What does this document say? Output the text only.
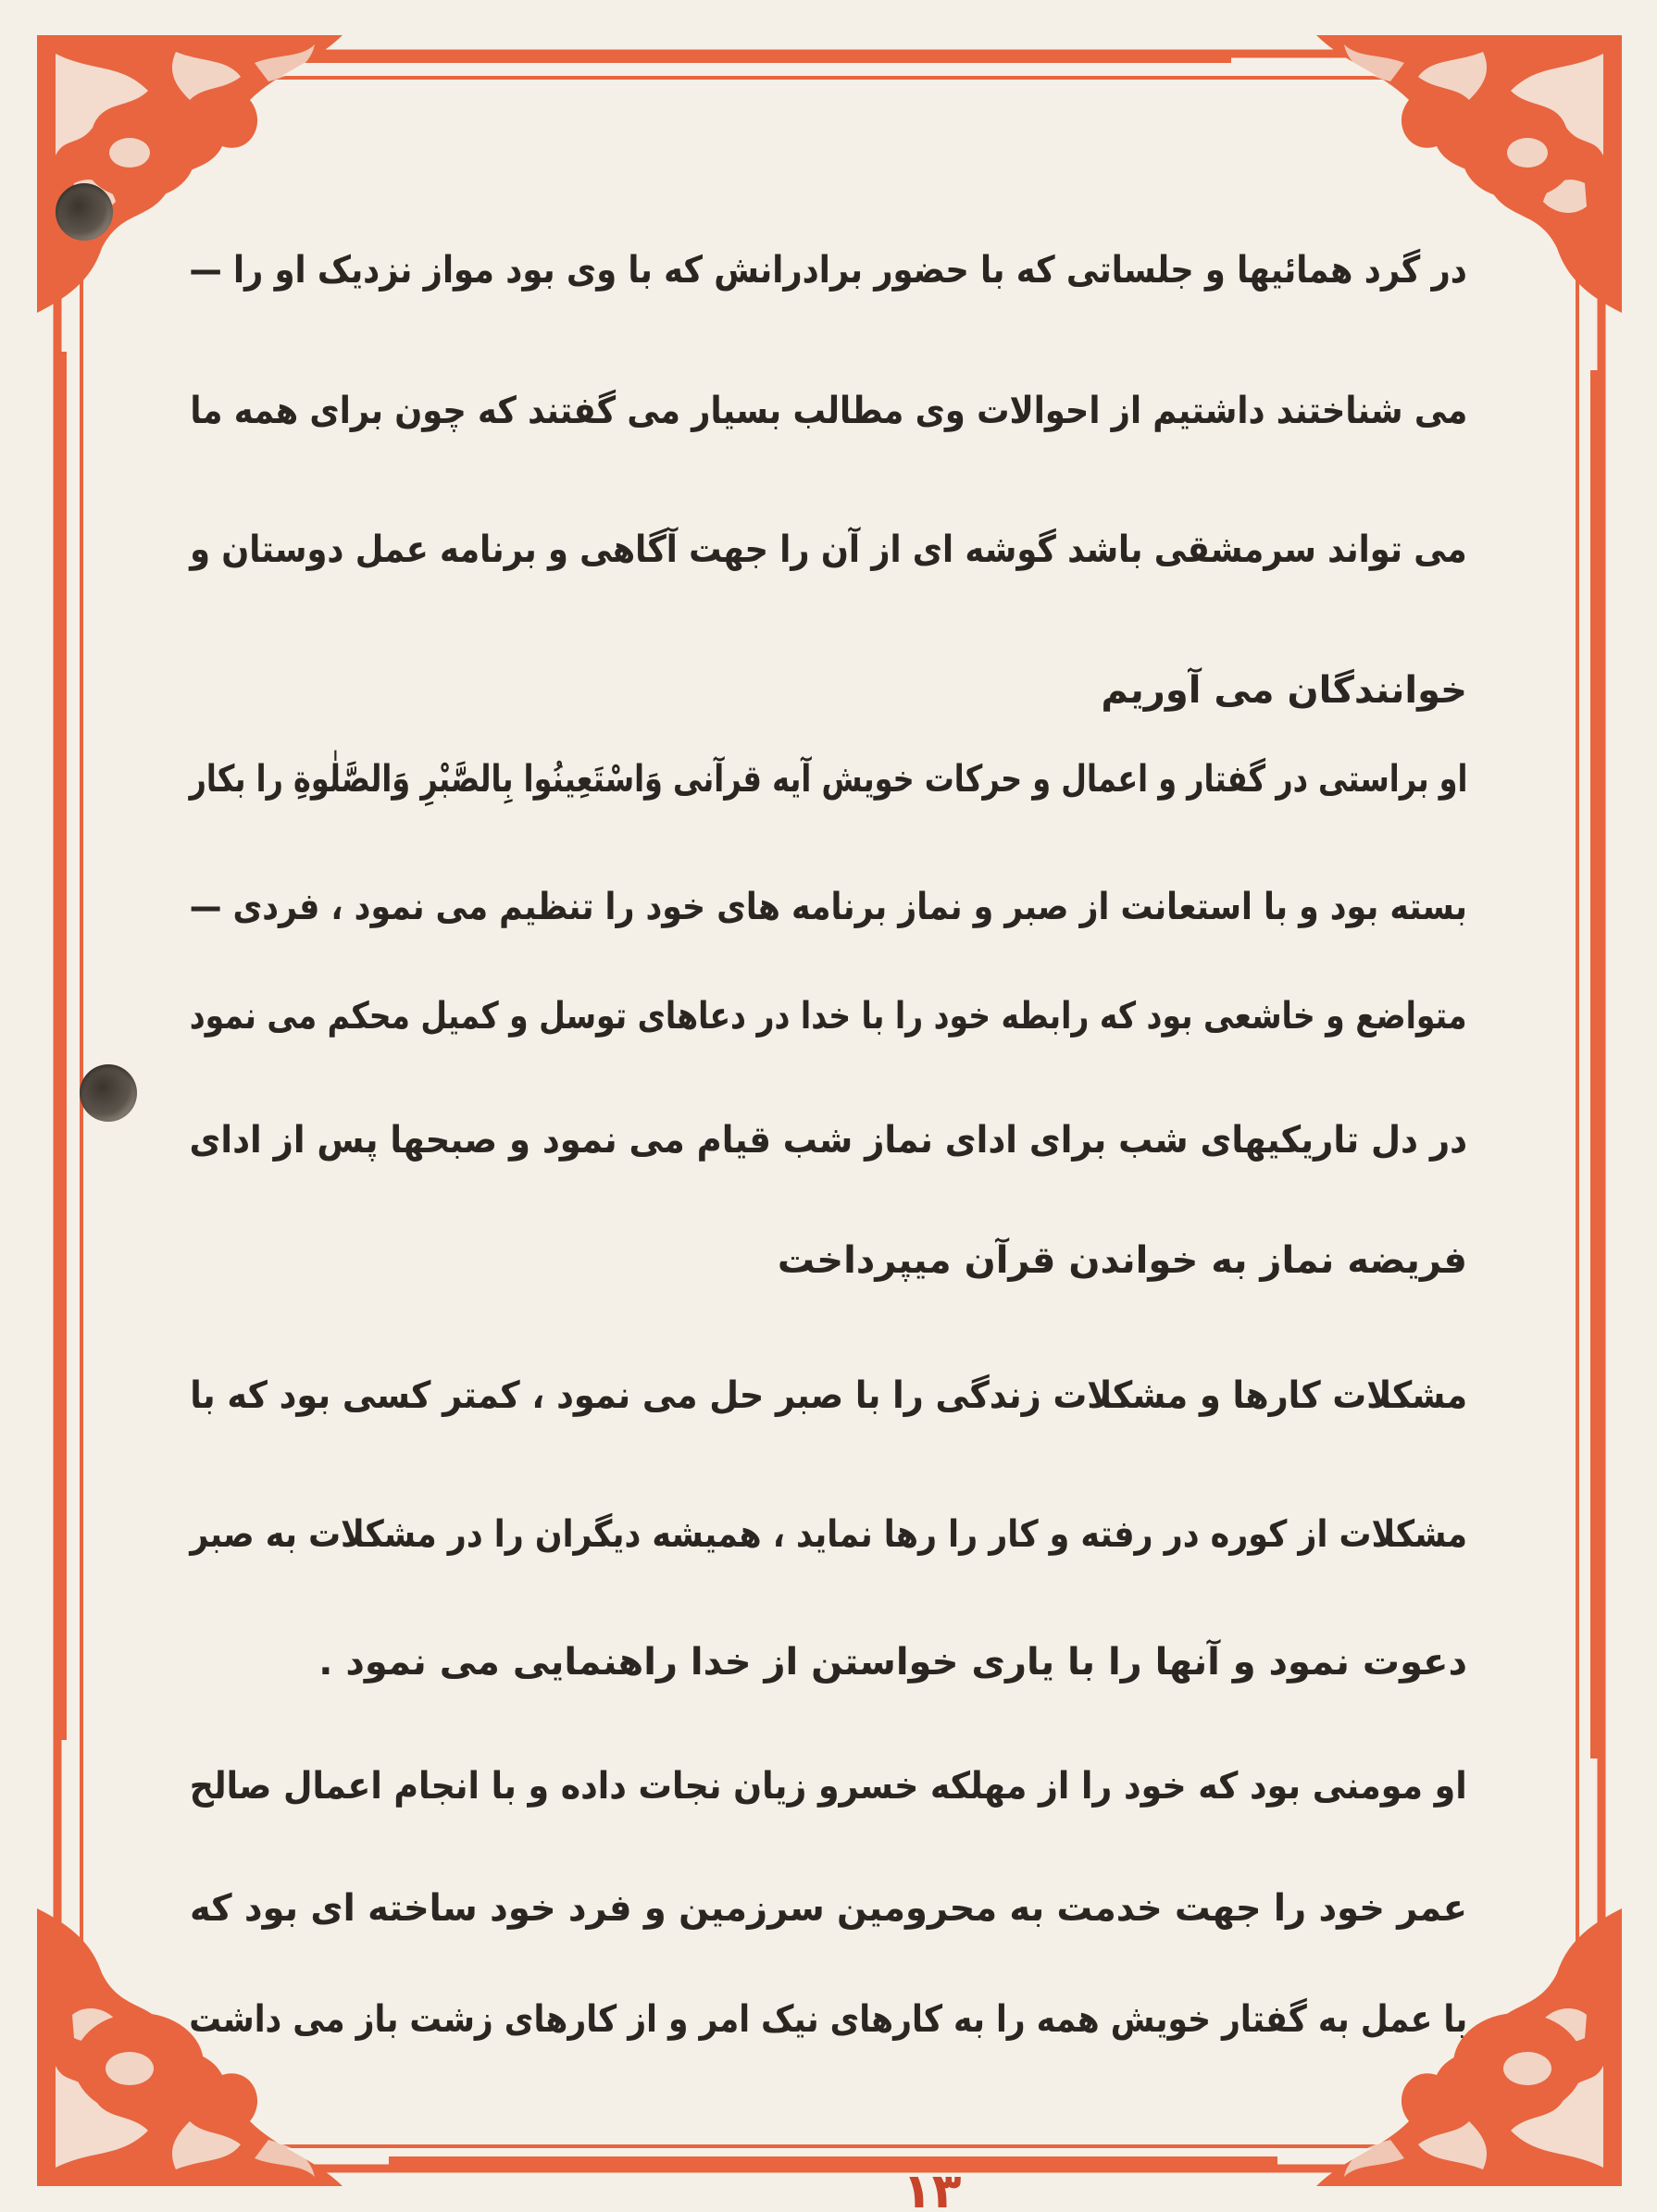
در گرد همائیها و جلساتی که با حضور برادرانش که با وی بود مواز نزدیک او را —
می شناختند داشتیم از احوالات وی مطالب بسیار می گفتند که چون برای همه ما
می تواند سرمشقی باشد گوشه ای از آن را جهت آگاهی و برنامه عمل دوستان و
خوانندگان می آوریم
او براستی در گفتار و اعمال و حرکات خویش آیه قرآنی وَاسْتَعِینُوا بِالصَّبْرِ وَالصَّلٰوةِ را بکار
بسته بود و با استعانت از صبر و نماز برنامه های خود را تنظیم می نمود ، فردی —
متواضع و خاشعی بود که رابطه خود را با خدا در دعاهای توسل و کمیل محکم می نمود
در دل تاریکیهای شب برای ادای نماز شب قیام می نمود و صبحها پس از ادای
فریضه نماز به خواندن قرآن میپرداخت
مشکلات کارها و مشکلات زندگی را با صبر حل می نمود ، کمتر کسی بود که با
مشکلات از کوره در رفته و کار را رها نماید ، همیشه دیگران را در مشکلات به صبر
دعوت نمود و آنها را با یاری خواستن از خدا راهنمایی می نمود .
او مومنی بود که خود را از مهلکه خسرو زیان نجات داده و با انجام اعمال صالح
عمر خود را جهت خدمت به محرومین سرزمین و فرد خود ساخته ای بود که
با عمل به گفتار خویش همه را به کارهای نیک امر و از کارهای زشت باز می داشت
۱۳
